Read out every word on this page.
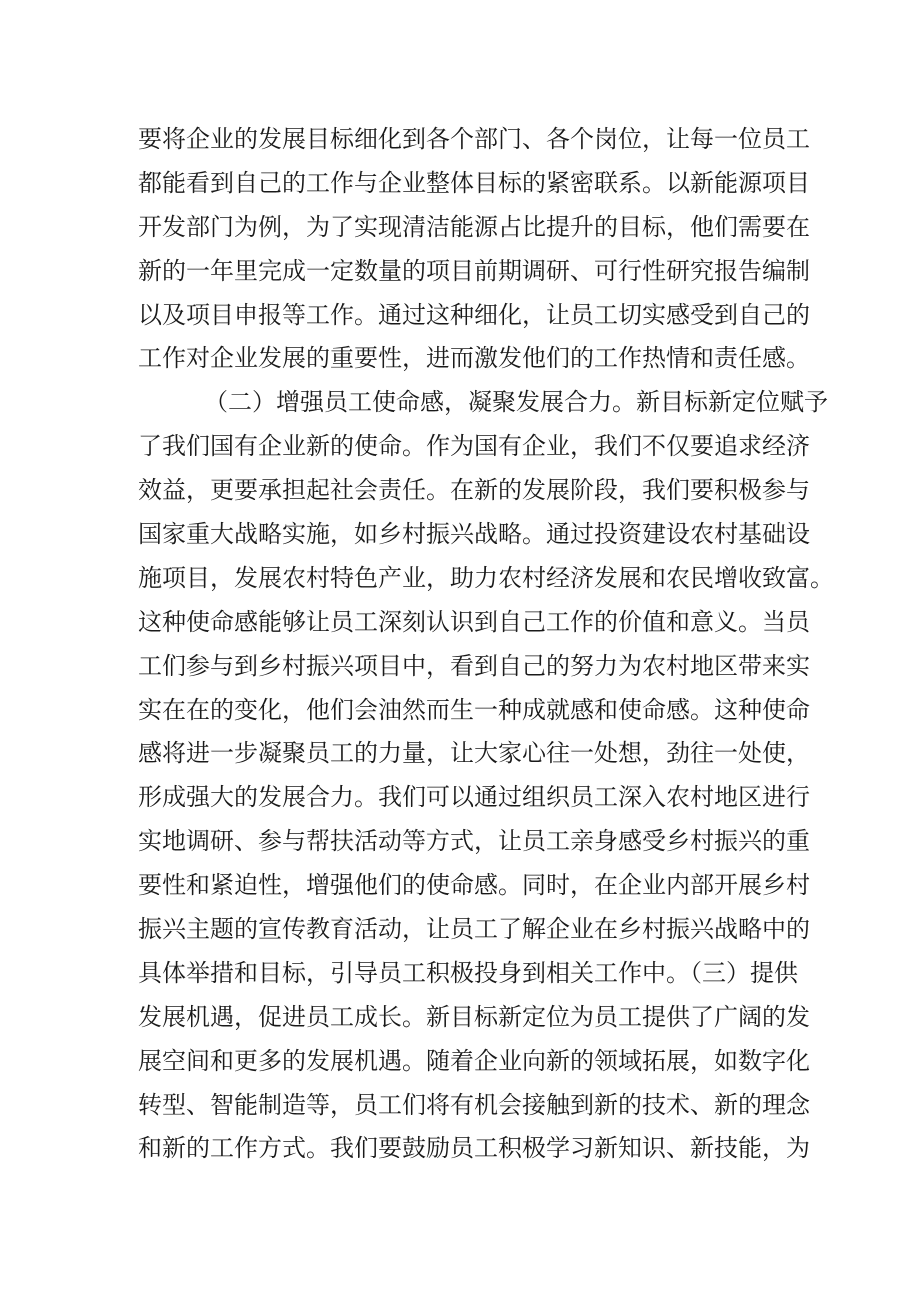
要将企业的发展目标细化到各个部门、各个岗位，让每一位员工
都能看到自己的工作与企业整体目标的紧密联系。以新能源项目
开发部门为例，为了实现清洁能源占比提升的目标，他们需要在
新的一年里完成一定数量的项目前期调研、可行性研究报告编制
以及项目申报等工作。通过这种细化，让员工切实感受到自己的
工作对企业发展的重要性，进而激发他们的工作热情和责任感。
（二）增强员工使命感，凝聚发展合力。新目标新定位赋予
了我们国有企业新的使命。作为国有企业，我们不仅要追求经济
效益，更要承担起社会责任。在新的发展阶段，我们要积极参与
国家重大战略实施，如乡村振兴战略。通过投资建设农村基础设
施项目，发展农村特色产业，助力农村经济发展和农民增收致富。
这种使命感能够让员工深刻认识到自己工作的价值和意义。当员
工们参与到乡村振兴项目中，看到自己的努力为农村地区带来实
实在在的变化，他们会油然而生一种成就感和使命感。这种使命
感将进一步凝聚员工的力量，让大家心往一处想，劲往一处使，
形成强大的发展合力。我们可以通过组织员工深入农村地区进行
实地调研、参与帮扶活动等方式，让员工亲身感受乡村振兴的重
要性和紧迫性，增强他们的使命感。同时，在企业内部开展乡村
振兴主题的宣传教育活动，让员工了解企业在乡村振兴战略中的
具体举措和目标，引导员工积极投身到相关工作中。（三）提供
发展机遇，促进员工成长。新目标新定位为员工提供了广阔的发
展空间和更多的发展机遇。随着企业向新的领域拓展，如数字化
转型、智能制造等，员工们将有机会接触到新的技术、新的理念
和新的工作方式。我们要鼓励员工积极学习新知识、新技能，为
